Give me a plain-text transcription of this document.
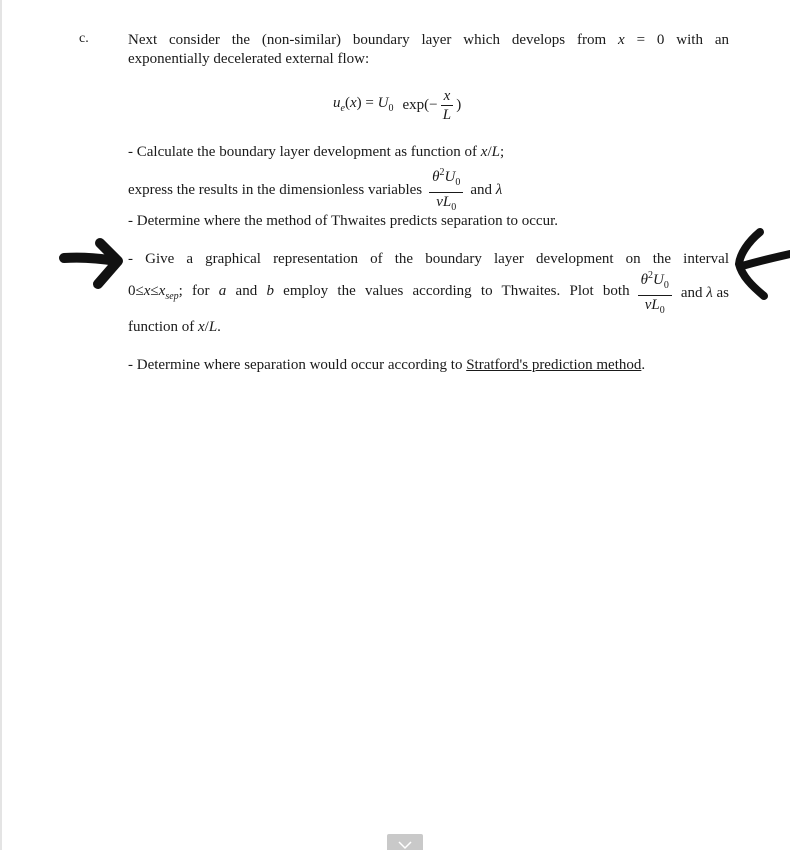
c.	Next consider the (non-similar) boundary layer which develops from x = 0 with an
exponentially decelerated external flow:
$u_e(x) = U_0$ $\exp(- \frac{x}{L}$ )
- Calculate the boundary layer development as function of x/L;
express the results in the dimensionless variables $\frac{\theta^2U_0}{\nu L_0}$ and λ
- Determine where the method of Thwaites predicts separation to occur.
- Give a graphical representation of the boundary layer development on the interval
$0\le x\le x_{sep}$; for a and b employ the values according to Thwaites. Plot both $\frac{\theta^2U_0}{\nu L_0}$ and λ as
function of x/L.
- Determine where separation would occur according to Stratford's prediction method.
